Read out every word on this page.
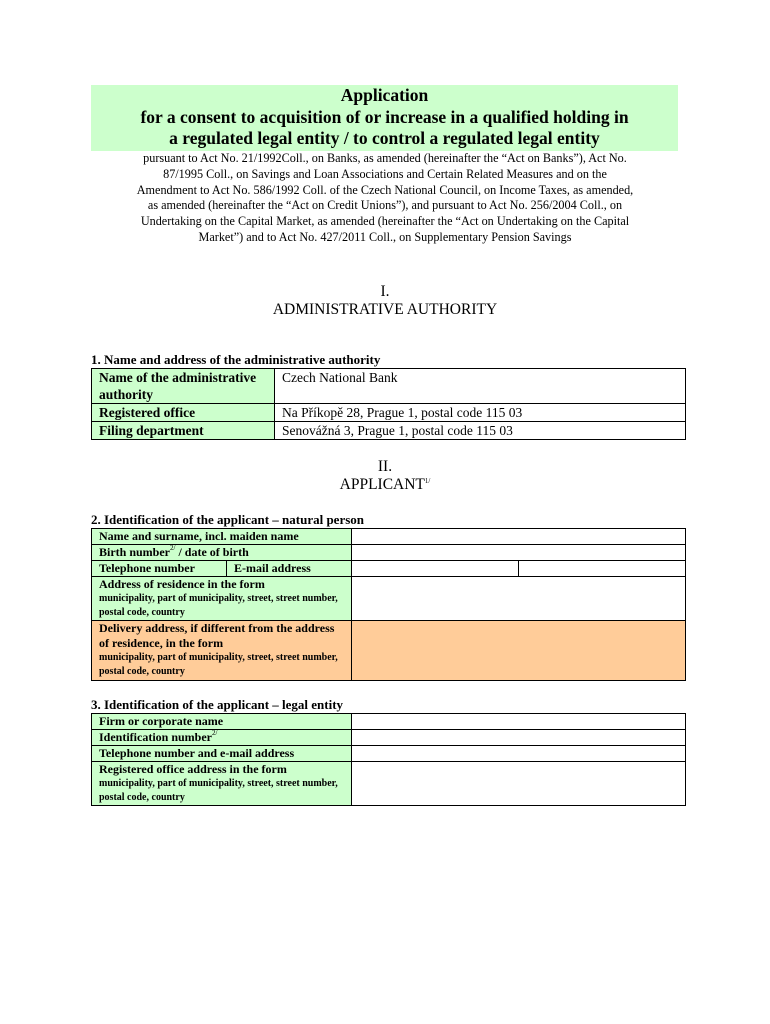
Application
for a consent to acquisition of or increase in a qualified holding in
a regulated legal entity / to control a regulated legal entity
pursuant to Act No. 21/1992Coll., on Banks, as amended (hereinafter the “Act on Banks”), Act No.
87/1995 Coll., on Savings and Loan Associations and Certain Related Measures and on the
Amendment to Act No. 586/1992 Coll. of the Czech National Council, on Income Taxes, as amended,
as amended (hereinafter the “Act on Credit Unions”), and pursuant to Act No. 256/2004 Coll., on
Undertaking on the Capital Market, as amended (hereinafter the “Act on Undertaking on the Capital
Market”) and to Act No. 427/2011 Coll., on Supplementary Pension Savings
I.
ADMINISTRATIVE AUTHORITY
1. Name and address of the administrative authority
Name of the administrative authority	Czech National Bank
Registered office	Na Příkopě 28, Prague 1, postal code 115 03
Filing department	Senovážná 3, Prague 1, postal code 115 03
II.
$APPLICANT^{1/}$
2. Identification of the applicant – natural person
Name and surname, incl. maiden name			
Birth number$^{2/}$ / date of birth			
Telephone number	E-mail address		
Address of residence in the form
municipality, part of municipality, street, street number, postal code, country			

Delivery address, if different from the address of residence, in the form
municipality, part of municipality, street, street number, postal code, country			

3. Identification of the applicant – legal entity
Firm or corporate name	
Identification number$^{2/}$	
Telephone number and e-mail address	
Registered office address in the form
municipality, part of municipality, street, street number, postal code, country	
